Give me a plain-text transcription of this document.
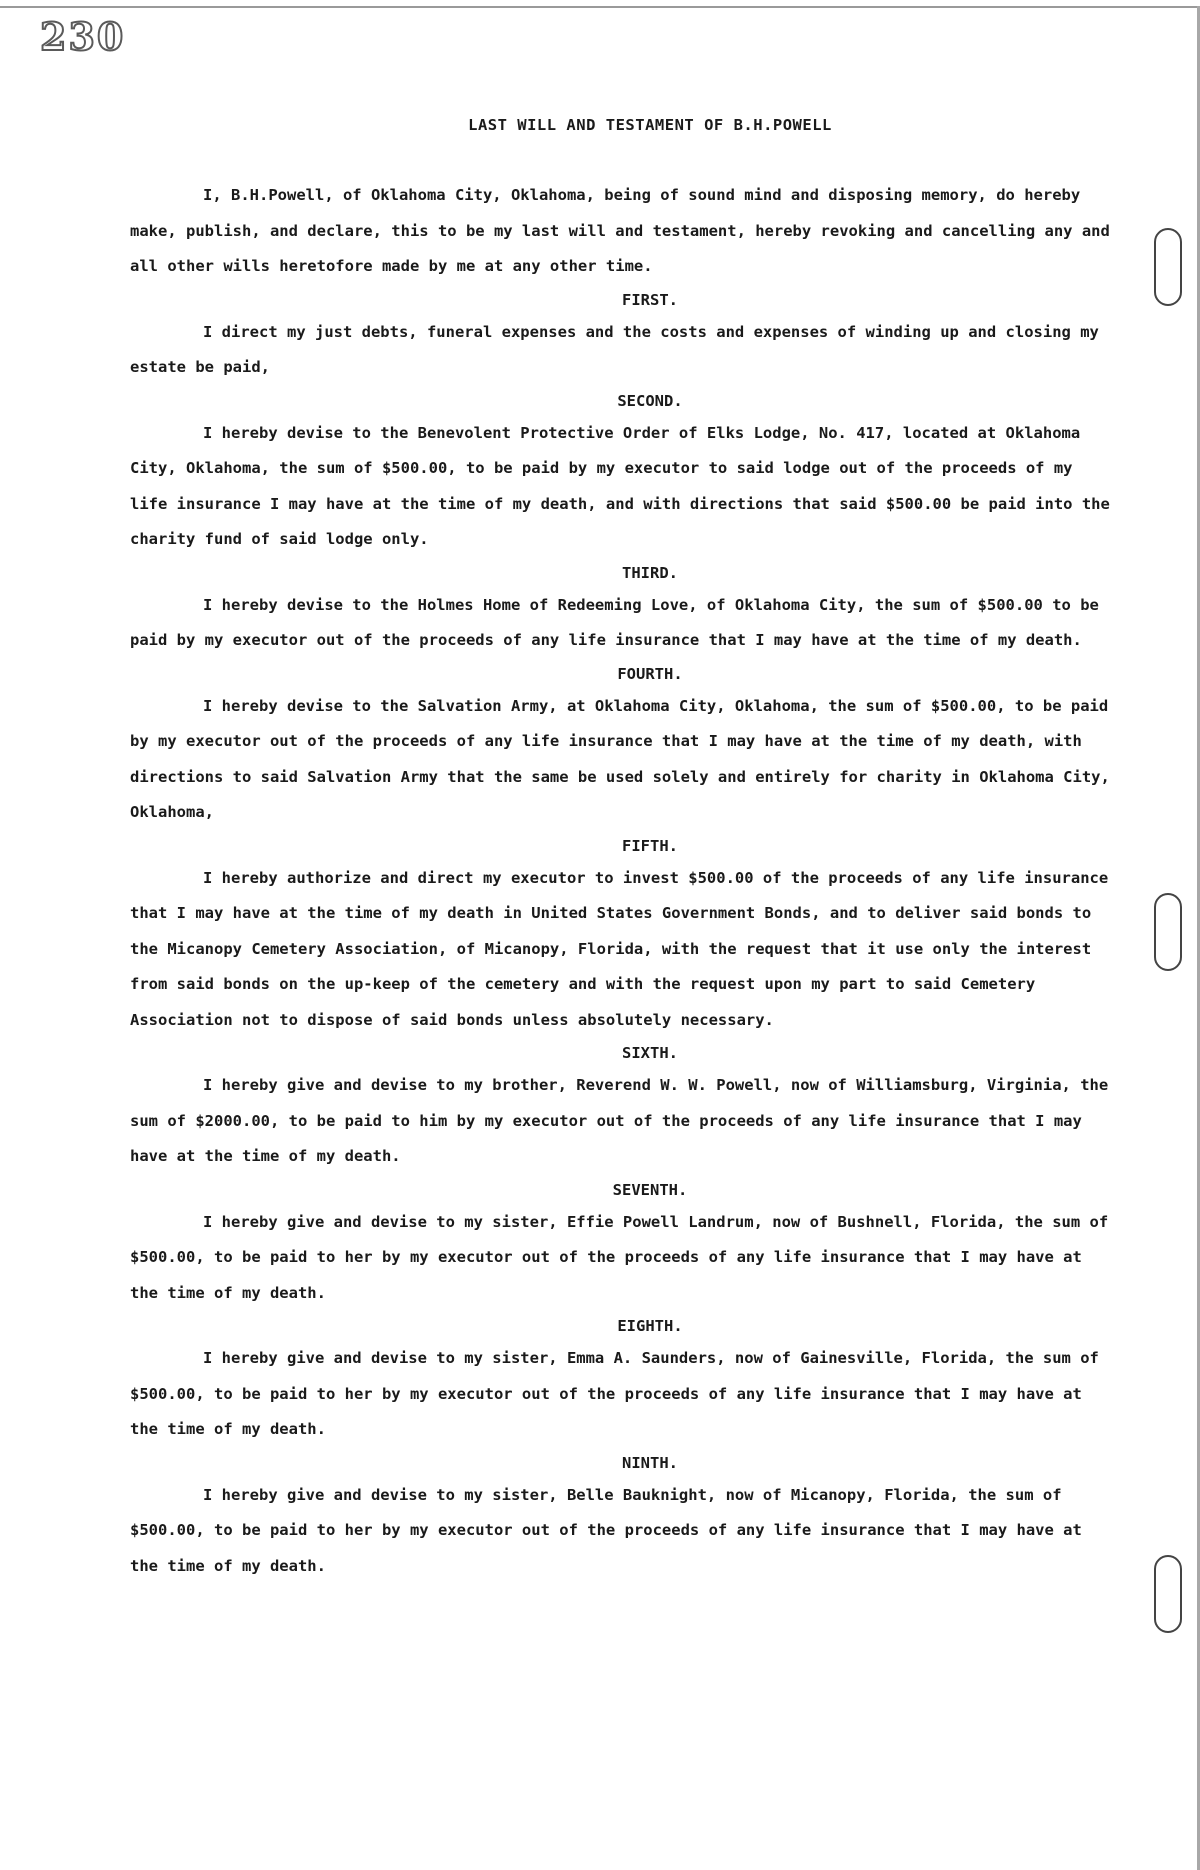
230
LAST WILL AND TESTAMENT OF B.H.POWELL

I, B.H.Powell, of Oklahoma City, Oklahoma, being of sound mind and disposing memory, do hereby make, publish, and declare, this to be my last will and testament, hereby revoking and cancelling any and all other wills heretofore made by me at any other time.

FIRST.

I direct my just debts, funeral expenses and the costs and expenses of winding up and closing my estate be paid,

SECOND.

I hereby devise to the Benevolent Protective Order of Elks Lodge, No. 417, located at Oklahoma City, Oklahoma, the sum of $500.00, to be paid by my executor to said lodge out of the proceeds of my life insurance I may have at the time of my death, and with directions that said $500.00 be paid into the charity fund of said lodge only.

THIRD.

I hereby devise to the Holmes Home of Redeeming Love, of Oklahoma City, the sum of $500.00 to be paid by my executor out of the proceeds of any life insurance that I may have at the time of my death.

FOURTH.

I hereby devise to the Salvation Army, at Oklahoma City, Oklahoma, the sum of $500.00, to be paid by my executor out of the proceeds of any life insurance that I may have at the time of my death, with directions to said Salvation Army that the same be used solely and entirely for charity in Oklahoma City, Oklahoma,

FIFTH.

I hereby authorize and direct my executor to invest $500.00 of the proceeds of any life insurance that I may have at the time of my death in United States Government Bonds, and to deliver said bonds to the Micanopy Cemetery Association, of Micanopy, Florida, with the request that it use only the interest from said bonds on the up-keep of the cemetery and with the request upon my part to said Cemetery Association not to dispose of said bonds unless absolutely necessary.

SIXTH.

I hereby give and devise to my brother, Reverend W. W. Powell, now of Williamsburg, Virginia, the sum of $2000.00, to be paid to him by my executor out of the proceeds of any life insurance that I may have at the time of my death.

SEVENTH.

I hereby give and devise to my sister, Effie Powell Landrum, now of Bushnell, Florida, the sum of $500.00, to be paid to her by my executor out of the proceeds of any life insurance that I may have at the time of my death.

EIGHTH.

I hereby give and devise to my sister, Emma A. Saunders, now of Gainesville, Florida, the sum of $500.00, to be paid to her by my executor out of the proceeds of any life insurance that I may have at the time of my death.

NINTH.

I hereby give and devise to my sister, Belle Bauknight, now of Micanopy, Florida, the sum of $500.00, to be paid to her by my executor out of the proceeds of any life insurance that I may have at the time of my death.
